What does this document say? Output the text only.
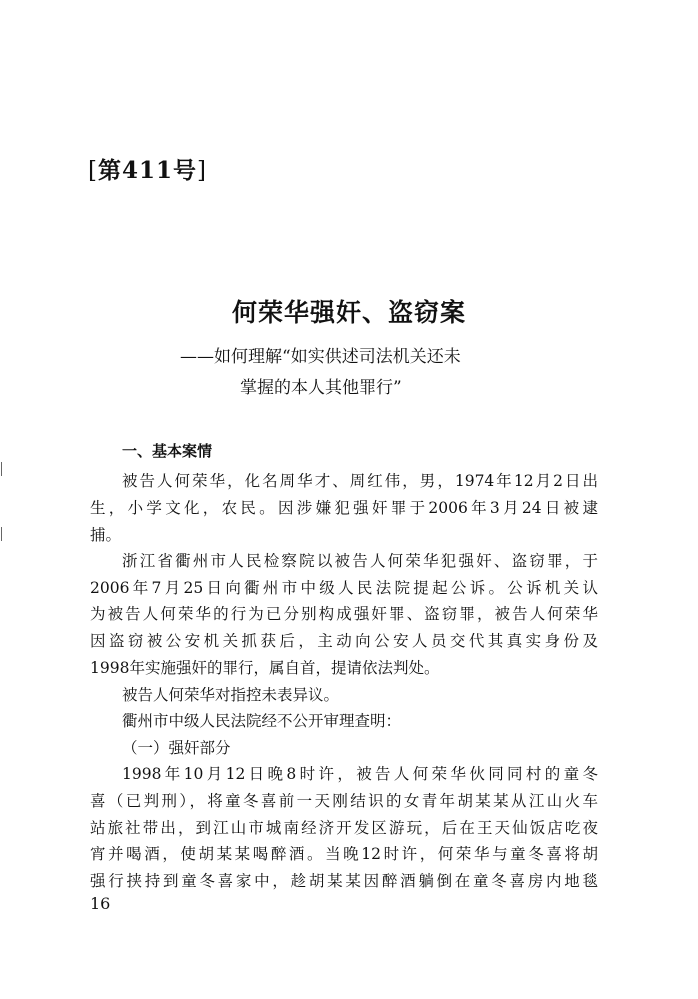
[第411号]
何荣华强奸、盗窃案
——如何理解“如实供述司法机关还未
掌握的本人其他罪行”
一、基本案情
被告人何荣华，化名周华才、周红伟，男，1974年12月2日出
生，小学文化，农民。因涉嫌犯强奸罪于2006年3月24日被逮
捕。
浙江省衢州市人民检察院以被告人何荣华犯强奸、盗窃罪，于
2006年7月25日向衢州市中级人民法院提起公诉。公诉机关认
为被告人何荣华的行为已分别构成强奸罪、盗窃罪，被告人何荣华
因盗窃被公安机关抓获后，主动向公安人员交代其真实身份及
1998年实施强奸的罪行，属自首，提请依法判处。
被告人何荣华对指控未表异议。
衢州市中级人民法院经不公开审理查明：
（一）强奸部分
1998年10月12日晚8时许，被告人何荣华伙同同村的童冬
喜（已判刑），将童冬喜前一天刚结识的女青年胡某某从江山火车
站旅社带出，到江山市城南经济开发区游玩，后在王天仙饭店吃夜
宵并喝酒，使胡某某喝醉酒。当晚12时许，何荣华与童冬喜将胡
强行挟持到童冬喜家中，趁胡某某因醉酒躺倒在童冬喜房内地毯
16
